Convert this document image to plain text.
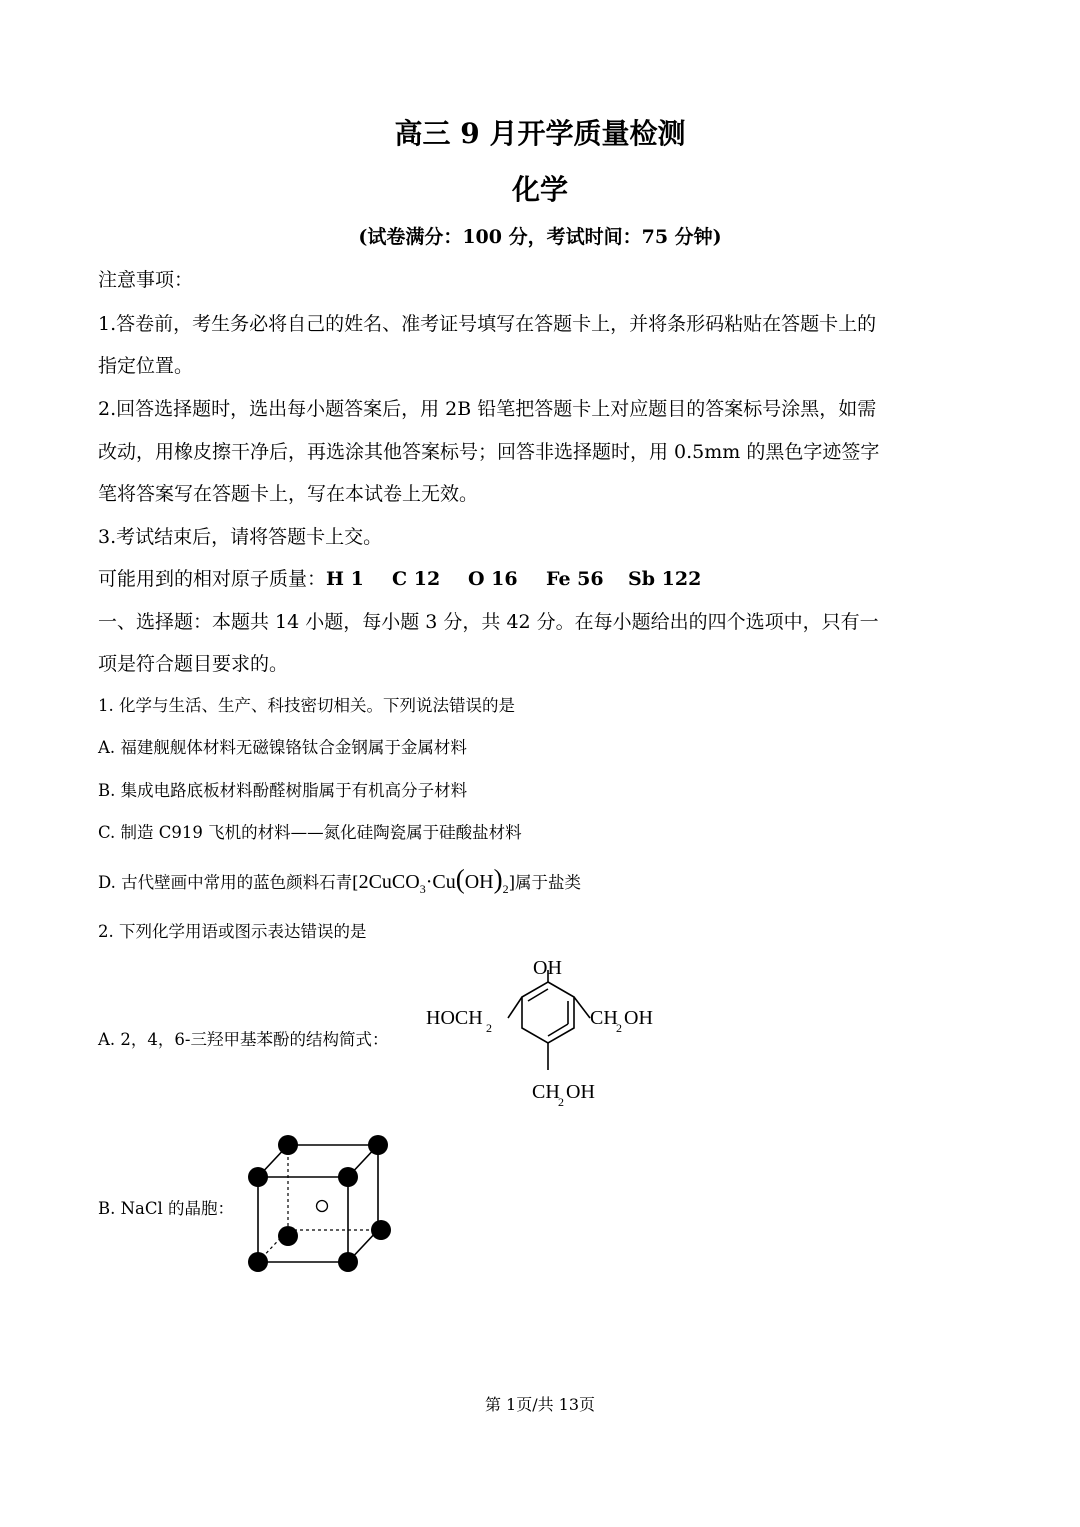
高三 9 月开学质量检测
化学
(试卷满分：100 分，考试时间：75 分钟)
注意事项：
1.答卷前，考生务必将自己的姓名、准考证号填写在答题卡上，并将条形码粘贴在答题卡上的
指定位置。
2.回答选择题时，选出每小题答案后，用 2B 铅笔把答题卡上对应题目的答案标号涂黑，如需
改动，用橡皮擦干净后，再选涂其他答案标号；回答非选择题时，用 0.5mm 的黑色字迹签字
笔将答案写在答题卡上，写在本试卷上无效。
3.考试结束后，请将答题卡上交。
可能用到的相对原子质量：H 1 C 12 O 16 Fe 56 Sb 122
一、选择题：本题共 14 小题，每小题 3 分，共 42 分。在每小题给出的四个选项中，只有一
项是符合题目要求的。
1. 化学与生活、生产、科技密切相关。下列说法错误的是
A. 福建舰舰体材料无磁镍铬钛合金钢属于金属材料
B. 集成电路底板材料酚醛树脂属于有机高分子材料
C. 制造 C919 飞机的材料——氮化硅陶瓷属于硅酸盐材料
D. 古代壁画中常用的蓝色颜料石青$[2CuCO_3\cdot Cu(OH)_2]$属于盐类
2. 下列化学用语或图示表达错误的是
A. 2，4，6-三羟甲基苯酚的结构简式：
OH
HOCH 2	CH
2 OH
CH
2 OH
B. NaCl 的晶胞：
第 1页/共 13页
